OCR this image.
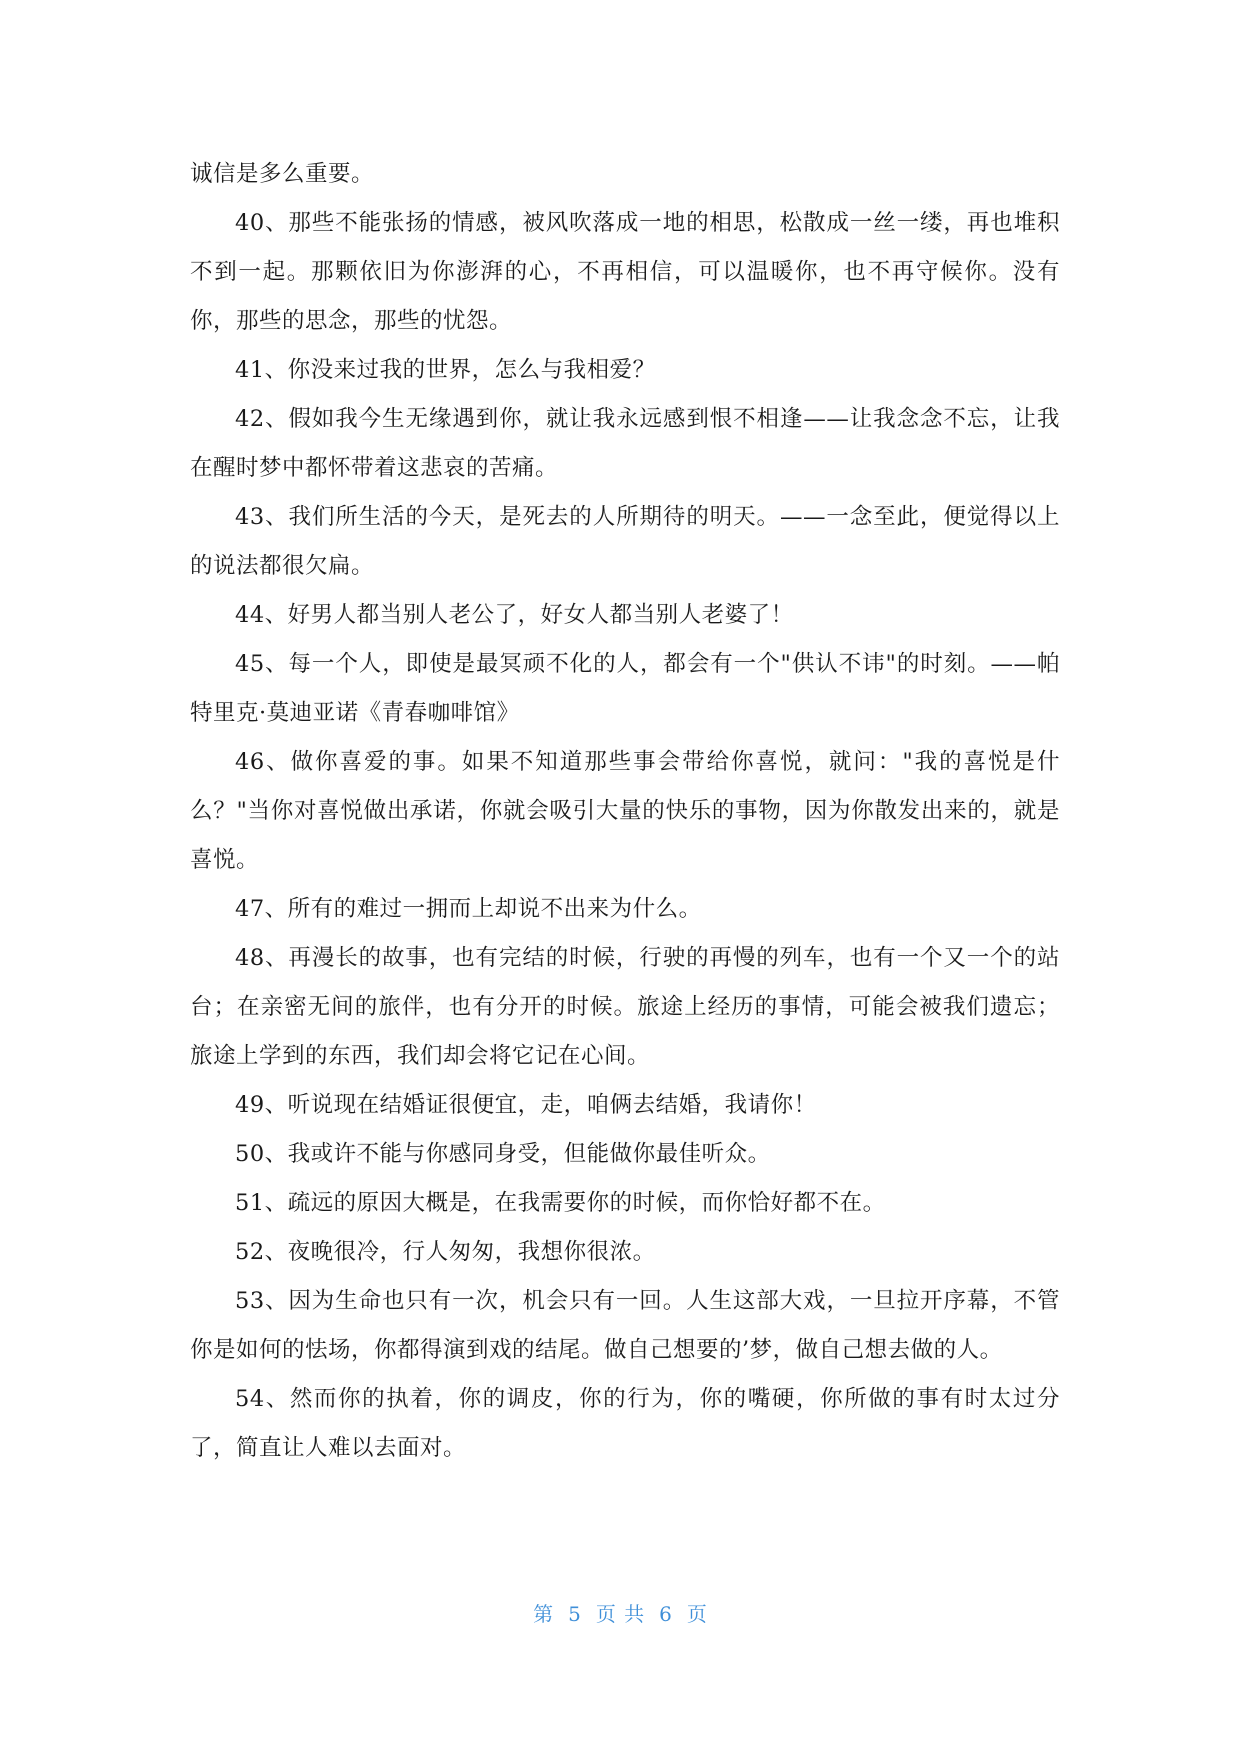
诚信是多么重要。

40、那些不能张扬的情感，被风吹落成一地的相思，松散成一丝一缕，再也堆积不到一起。那颗依旧为你澎湃的心，不再相信，可以温暖你，也不再守候你。没有你，那些的思念，那些的忧怨。

41、你没来过我的世界，怎么与我相爱？

42、假如我今生无缘遇到你，就让我永远感到恨不相逢——让我念念不忘，让我在醒时梦中都怀带着这悲哀的苦痛。

43、我们所生活的今天，是死去的人所期待的明天。——一念至此，便觉得以上的说法都很欠扁。

44、好男人都当别人老公了，好女人都当别人老婆了！

45、每一个人，即使是最冥顽不化的人，都会有一个"供认不讳"的时刻。——帕特里克·莫迪亚诺《青春咖啡馆》

46、做你喜爱的事。如果不知道那些事会带给你喜悦，就问："我的喜悦是什么？"当你对喜悦做出承诺，你就会吸引大量的快乐的事物，因为你散发出来的，就是喜悦。

47、所有的难过一拥而上却说不出来为什么。

48、再漫长的故事，也有完结的时候，行驶的再慢的列车，也有一个又一个的站台；在亲密无间的旅伴，也有分开的时候。旅途上经历的事情，可能会被我们遗忘；旅途上学到的东西，我们却会将它记在心间。

49、听说现在结婚证很便宜，走，咱俩去结婚，我请你！

50、我或许不能与你感同身受，但能做你最佳听众。

51、疏远的原因大概是，在我需要你的时候，而你恰好都不在。

52、夜晚很冷，行人匆匆，我想你很浓。

53、因为生命也只有一次，机会只有一回。人生这部大戏，一旦拉开序幕，不管你是如何的怯场，你都得演到戏的结尾。做自己想要的’梦，做自己想去做的人。

54、然而你的执着，你的调皮，你的行为，你的嘴硬，你所做的事有时太过分了，简直让人难以去面对。

第 5 页 共 6 页
